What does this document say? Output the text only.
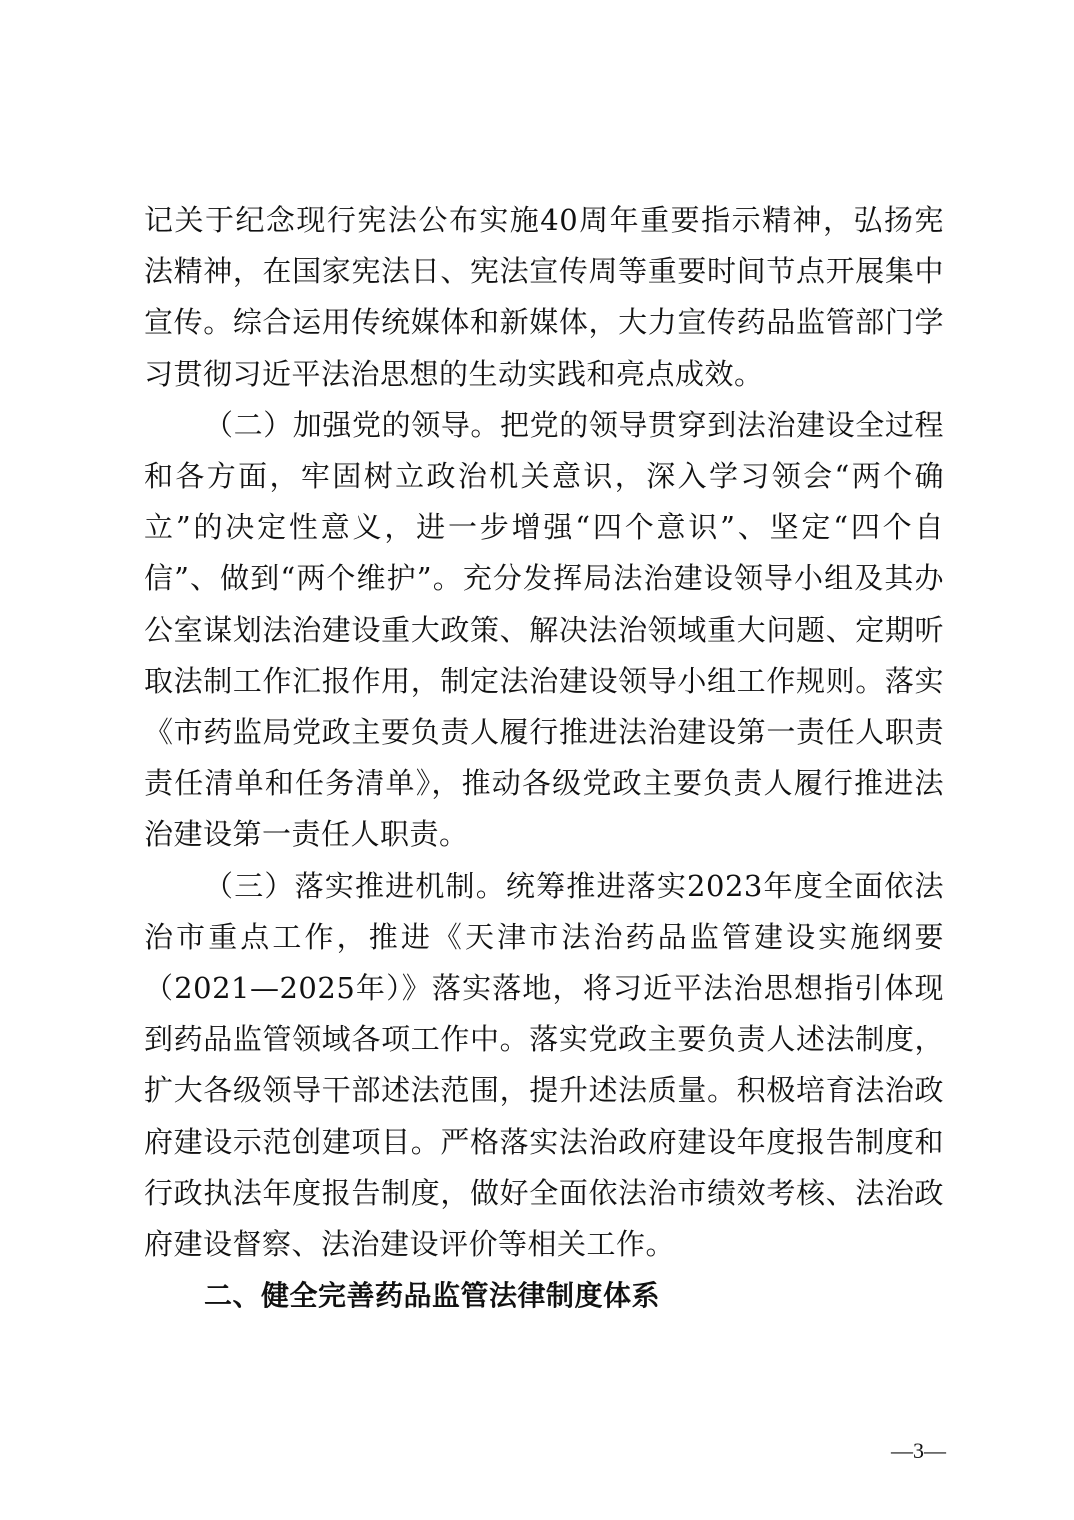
记关于纪念现行宪法公布实施40周年重要指示精神，弘扬宪法精神，在国家宪法日、宪法宣传周等重要时间节点开展集中宣传。综合运用传统媒体和新媒体，大力宣传药品监管部门学习贯彻习近平法治思想的生动实践和亮点成效。

（二）加强党的领导。把党的领导贯穿到法治建设全过程和各方面，牢固树立政治机关意识，深入学习领会“两个确立”的决定性意义，进一步增强“四个意识”、坚定“四个自信”、做到“两个维护”。充分发挥局法治建设领导小组及其办公室谋划法治建设重大政策、解决法治领域重大问题、定期听取法制工作汇报作用，制定法治建设领导小组工作规则。落实《市药监局党政主要负责人履行推进法治建设第一责任人职责责任清单和任务清单》，推动各级党政主要负责人履行推进法治建设第一责任人职责。

（三）落实推进机制。统筹推进落实2023年度全面依法治市重点工作，推进《天津市法治药品监管建设实施纲要（2021—2025年）》落实落地，将习近平法治思想指引体现到药品监管领域各项工作中。落实党政主要负责人述法制度，扩大各级领导干部述法范围，提升述法质量。积极培育法治政府建设示范创建项目。严格落实法治政府建设年度报告制度和行政执法年度报告制度，做好全面依法治市绩效考核、法治政府建设督察、法治建设评价等相关工作。

二、健全完善药品监管法律制度体系

—3—
